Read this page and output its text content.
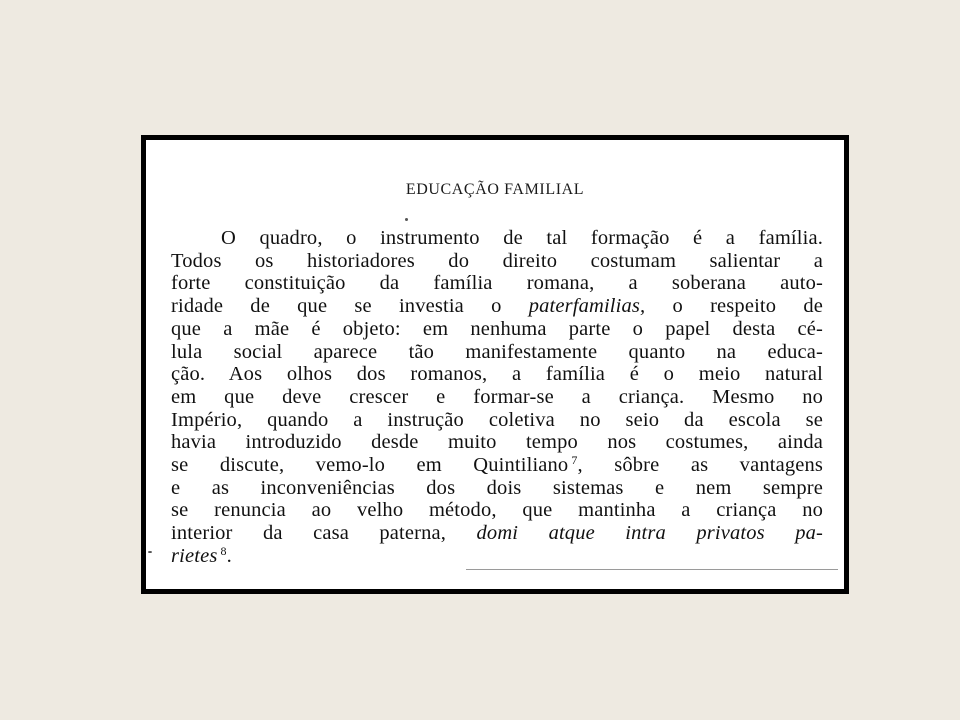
EDUCAÇÃO FAMILIAL
O quadro, o instrumento de tal formação é a família.
Todos os historiadores do direito costumam salientar a
forte constituição da família romana, a soberana auto-
ridade de que se investia o paterfamilias, o respeito de
que a mãe é objeto: em nenhuma parte o papel desta cé-
lula social aparece tão manifestamente quanto na educa-
ção. Aos olhos dos romanos, a família é o meio natural
em que deve crescer e formar-se a criança. Mesmo no
Império, quando a instrução coletiva no seio da escola se
havia introduzido desde muito tempo nos costumes, ainda
se discute, vemo-lo em Quintiliano $^7$, sôbre as vantagens
e as inconveniências dos dois sistemas e nem sempre
se renuncia ao velho método, que mantinha a criança no
interior da casa paterna, domi atque intra privatos pa-
rietes $^8$.
